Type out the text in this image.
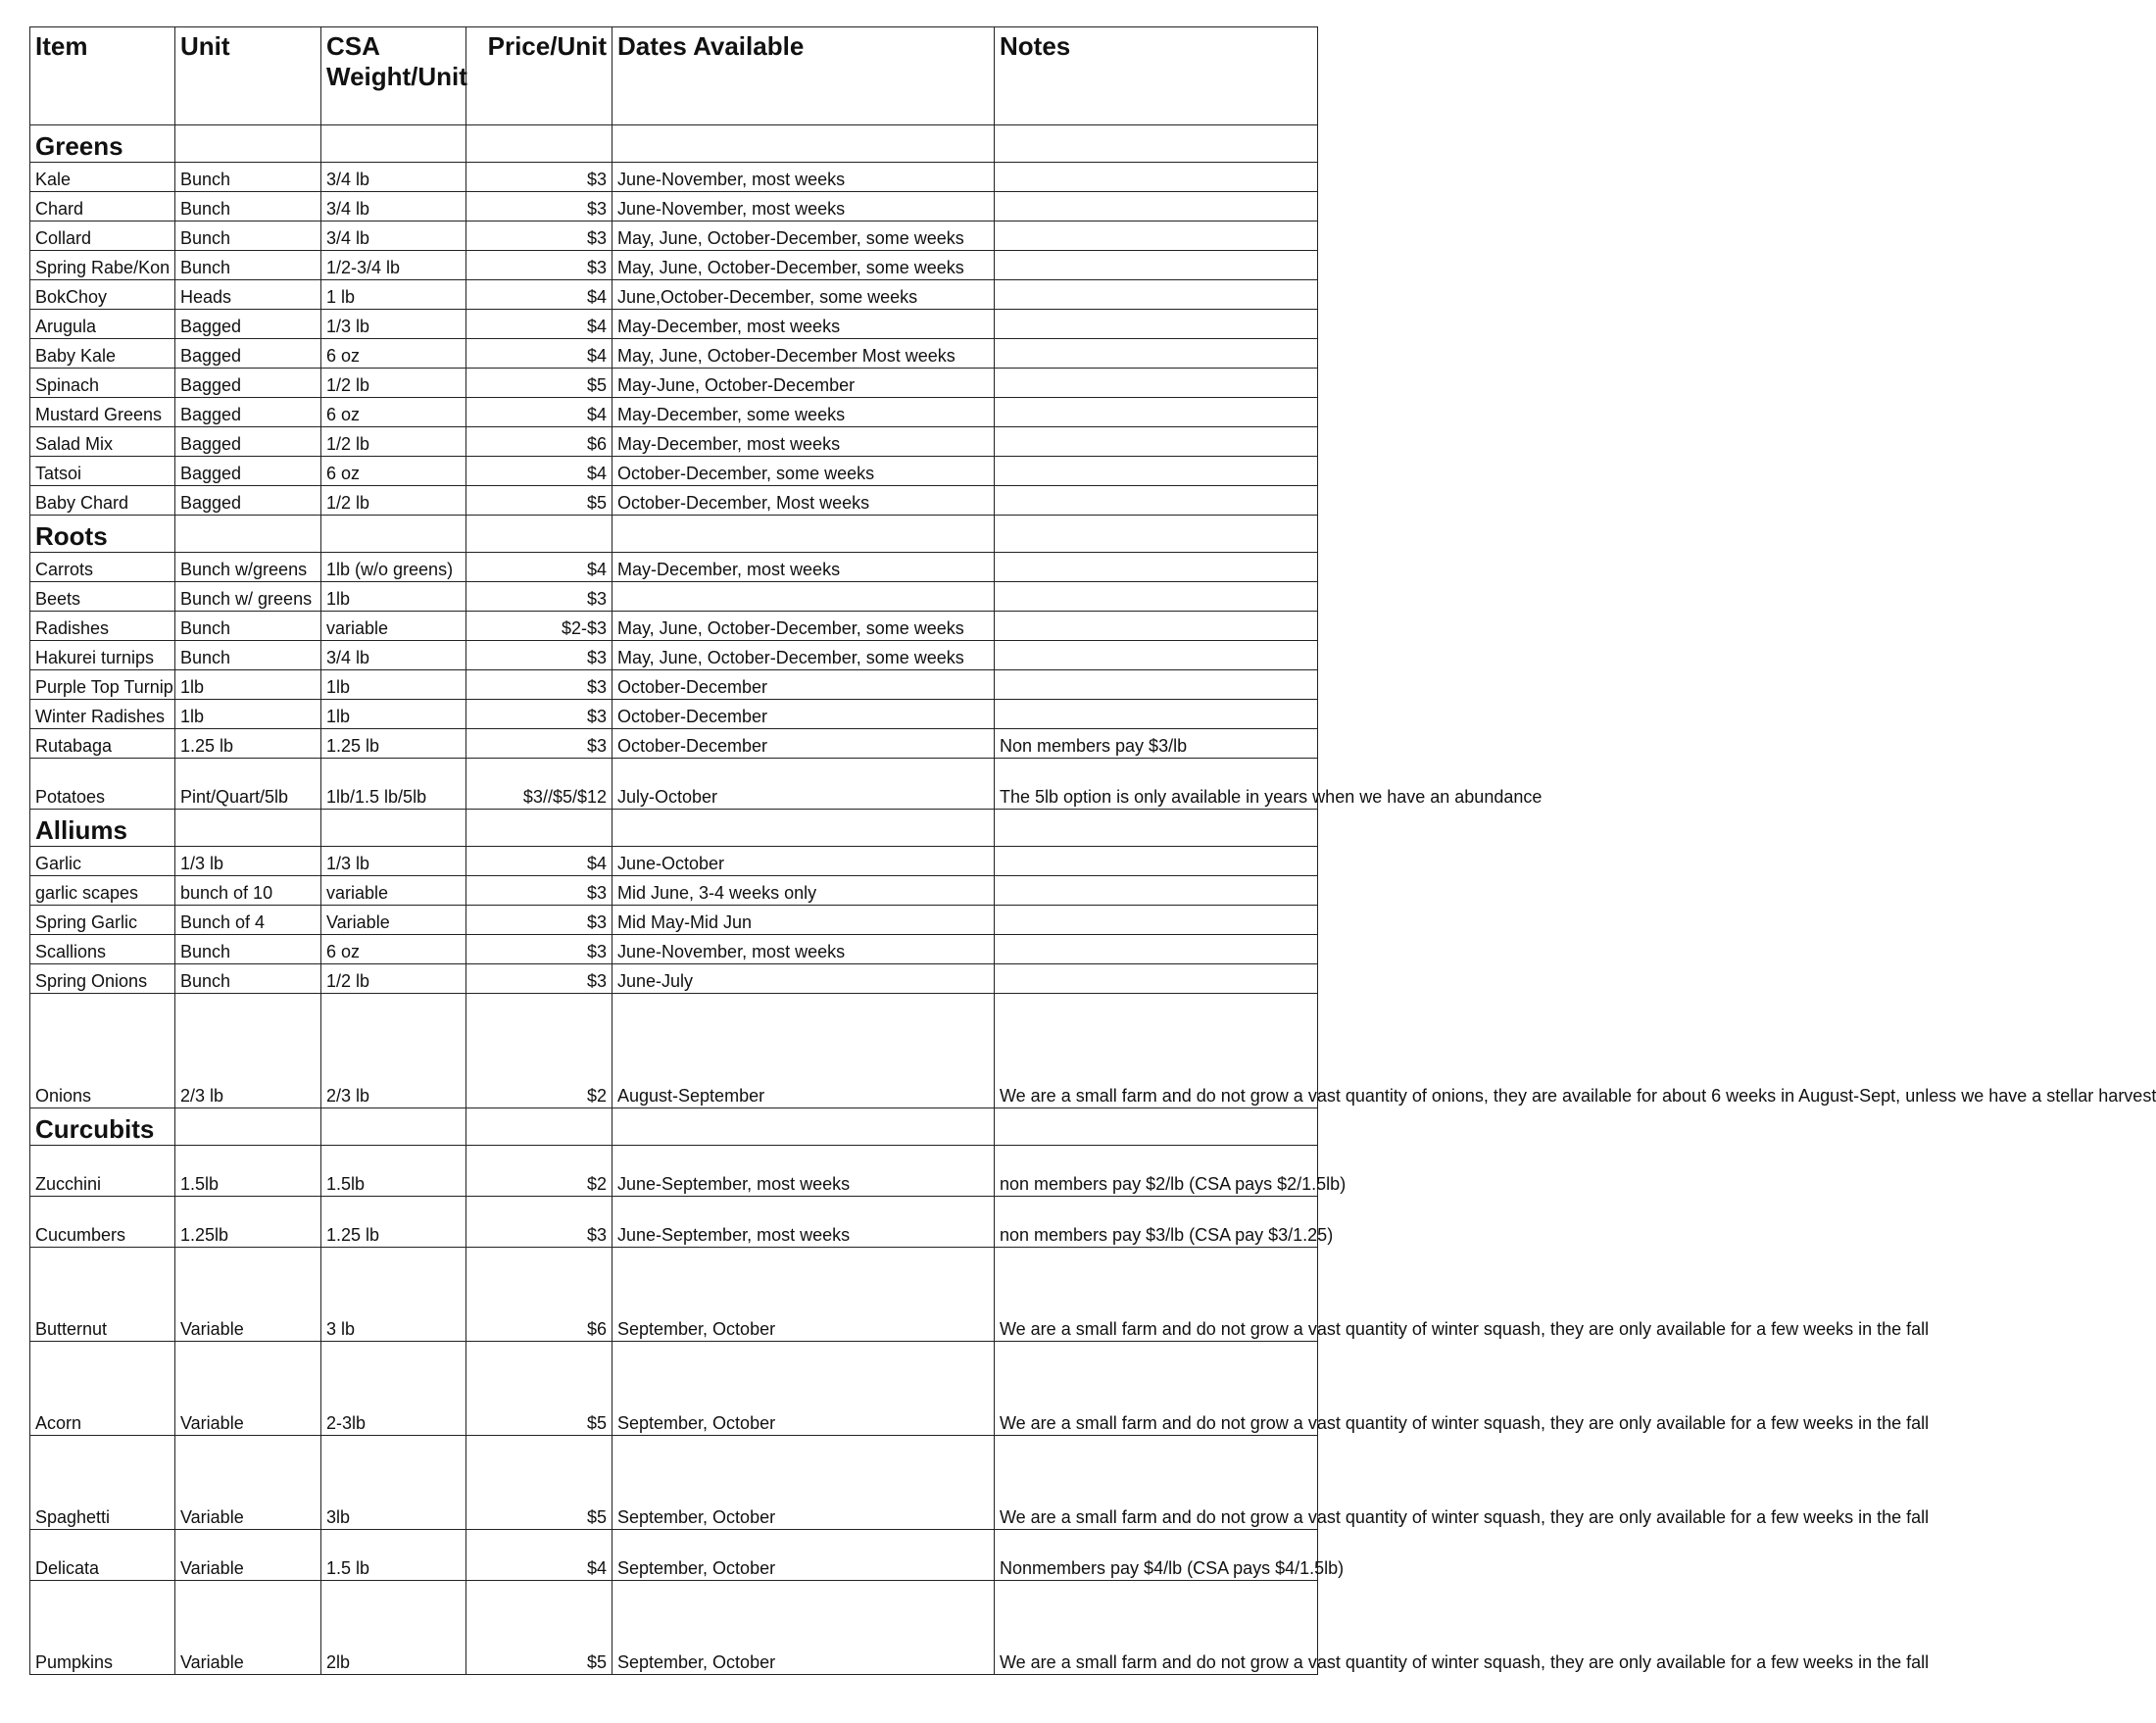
Item	Unit	CSA Weight/Unit	Price/Unit	Dates Available	Notes
Greens					
Kale	Bunch	3/4 lb	$3	June-November, most weeks	
Chard	Bunch	3/4 lb	$3	June-November, most weeks	
Collard	Bunch	3/4 lb	$3	May, June, October-December, some weeks	
Spring Rabe/Kon	Bunch	1/2-3/4 lb	$3	May, June, October-December, some weeks	
BokChoy	Heads	1 lb	$4	June,October-December, some weeks	
Arugula	Bagged	1/3 lb	$4	May-December, most weeks	
Baby Kale	Bagged	6 oz	$4	May, June, October-December Most weeks	
Spinach	Bagged	1/2 lb	$5	May-June, October-December	
Mustard Greens	Bagged	6 oz	$4	May-December, some weeks	
Salad Mix	Bagged	1/2 lb	$6	May-December, most weeks	
Tatsoi	Bagged	6 oz	$4	October-December, some weeks	
Baby Chard	Bagged	1/2 lb	$5	October-December, Most weeks	
Roots					
Carrots	Bunch w/greens	1lb (w/o greens)	$4	May-December, most weeks	
Beets	Bunch w/ greens	1lb	$3		
Radishes	Bunch	variable	$2-$3	May, June, October-December, some weeks	
Hakurei turnips	Bunch	3/4 lb	$3	May, June, October-December, some weeks	
Purple Top Turnip	1lb	1lb	$3	October-December	
Winter Radishes	1lb	1lb	$3	October-December	
Rutabaga	1.25 lb	1.25 lb	$3	October-December	Non members pay $3/lb
Potatoes	Pint/Quart/5lb	1lb/1.5 lb/5lb	$3//$5/$12	July-October	The 5lb option is only available in years when we have an abundance
Alliums					
Garlic	1/3 lb	1/3 lb	$4	June-October	
garlic scapes	bunch of 10	variable	$3	Mid June, 3-4 weeks only	
Spring Garlic	Bunch of 4	Variable	$3	Mid May-Mid Jun	
Scallions	Bunch	6 oz	$3	June-November, most weeks	
Spring Onions	Bunch	1/2 lb	$3	June-July	
Onions	2/3 lb	2/3 lb	$2	August-September	We are a small farm and do not grow a vast quantity of onions, they are available for about 6 weeks in August-Sept, unless we have a stellar harvest
Curcubits					
Zucchini	1.5lb	1.5lb	$2	June-September, most weeks	non members pay $2/lb (CSA pays $2/1.5lb)
Cucumbers	1.25lb	1.25 lb	$3	June-September, most weeks	non members pay $3/lb (CSA pay $3/1.25)
Butternut	Variable	3 lb	$6	September, October	We are a small farm and do not grow a vast quantity of winter squash, they are only available for a few weeks in the fall
Acorn	Variable	2-3lb	$5	September, October	We are a small farm and do not grow a vast quantity of winter squash, they are only available for a few weeks in the fall
Spaghetti	Variable	3lb	$5	September, October	We are a small farm and do not grow a vast quantity of winter squash, they are only available for a few weeks in the fall
Delicata	Variable	1.5 lb	$4	September, October	Nonmembers pay $4/lb (CSA pays $4/1.5lb)
Pumpkins	Variable	2lb	$5	September, October	We are a small farm and do not grow a vast quantity of winter squash, they are only available for a few weeks in the fall
